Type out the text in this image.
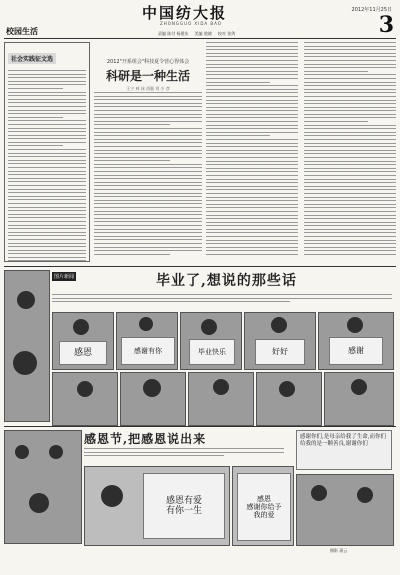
中国纺大报
ZHONGGUO XIDA BAO
2012年11月25日
3
校园生活	责编 陈付 杨建东 美编 敖晓 校对 张剑
社会实践征文选	2012"开系组会"科技夏令营心得体会
科研是一种生活
王宁 林 冰 西服 刘 少 彦
图片新闻	毕业了,想说的那些话
感恩	感谢有你	毕业快乐	好好	感谢
感恩节,把感恩说出来
感恩有爱
有你一生
感恩
感谢你给予
我的爱
感谢你们,是母亲给我了生命,而你们给我的是一颗善良,谢谢你们
摄影 蒲云
